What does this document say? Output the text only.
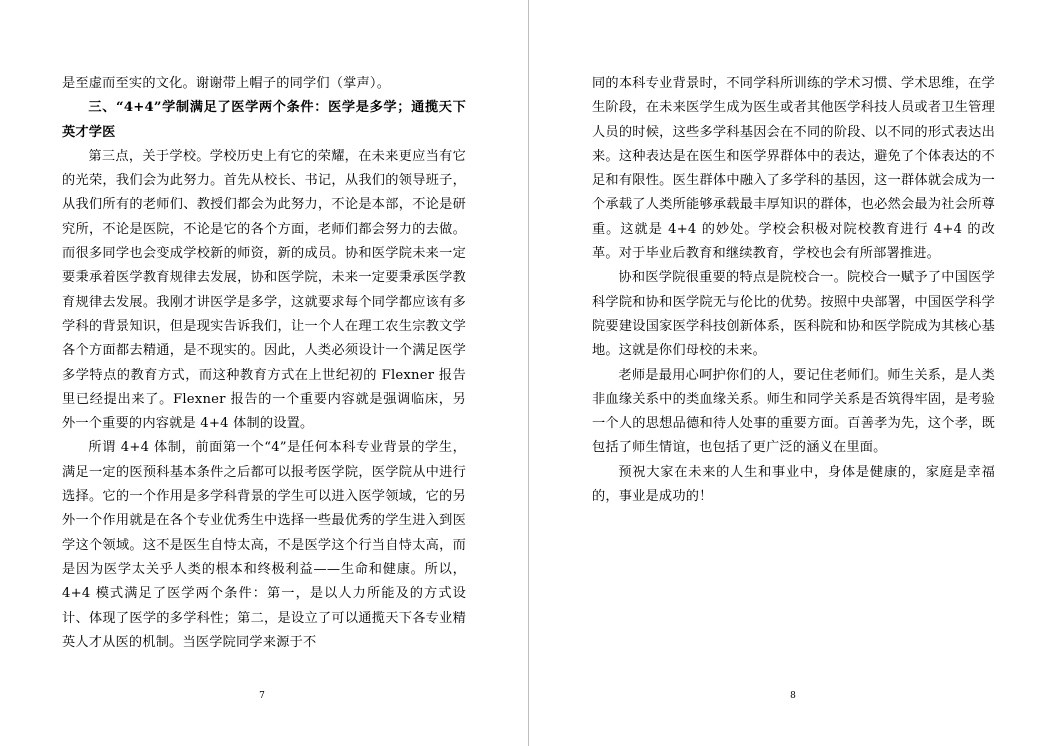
是至虚而至实的文化。谢谢带上帽子的同学们（掌声）。

三、“4+4”学制满足了医学两个条件：医学是多学；通揽天下英才学医

第三点，关于学校。学校历史上有它的荣耀，在未来更应当有它的光荣，我们会为此努力。首先从校长、书记，从我们的领导班子，从我们所有的老师们、教授们都会为此努力，不论是本部，不论是研究所，不论是医院，不论是它的各个方面，老师们都会努力的去做。而很多同学也会变成学校新的师资，新的成员。协和医学院未来一定要秉承着医学教育规律去发展，协和医学院，未来一定要秉承医学教育规律去发展。我刚才讲医学是多学，这就要求每个同学都应该有多学科的背景知识，但是现实告诉我们，让一个人在理工农生宗教文学各个方面都去精通，是不现实的。因此，人类必须设计一个满足医学多学特点的教育方式，而这种教育方式在上世纪初的 Flexner 报告里已经提出来了。Flexner 报告的一个重要内容就是强调临床，另外一个重要的内容就是 4+4 体制的设置。

所谓 4+4 体制，前面第一个“4”是任何本科专业背景的学生，满足一定的医预科基本条件之后都可以报考医学院，医学院从中进行选择。它的一个作用是多学科背景的学生可以进入医学领域，它的另外一个作用就是在各个专业优秀生中选择一些最优秀的学生进入到医学这个领域。这不是医生自恃太高，不是医学这个行当自恃太高，而是因为医学太关乎人类的根本和终极利益——生命和健康。所以，4+4 模式满足了医学两个条件：第一，是以人力所能及的方式设计、体现了医学的多学科性；第二，是设立了可以通揽天下各专业精英人才从医的机制。当医学院同学来源于不

7

同的本科专业背景时，不同学科所训练的学术习惯、学术思维，在学生阶段，在未来医学生成为医生或者其他医学科技人员或者卫生管理人员的时候，这些多学科基因会在不同的阶段、以不同的形式表达出来。这种表达是在医生和医学界群体中的表达，避免了个体表达的不足和有限性。医生群体中融入了多学科的基因，这一群体就会成为一个承载了人类所能够承载最丰厚知识的群体，也必然会最为社会所尊重。这就是 4+4 的妙处。学校会积极对院校教育进行 4+4 的改革。对于毕业后教育和继续教育，学校也会有所部署推进。

协和医学院很重要的特点是院校合一。院校合一赋予了中国医学科学院和协和医学院无与伦比的优势。按照中央部署，中国医学科学院要建设国家医学科技创新体系，医科院和协和医学院成为其核心基地。这就是你们母校的未来。

老师是最用心呵护你们的人，要记住老师们。师生关系，是人类非血缘关系中的类血缘关系。师生和同学关系是否筑得牢固，是考验一个人的思想品德和待人处事的重要方面。百善孝为先，这个孝，既包括了师生情谊，也包括了更广泛的涵义在里面。

预祝大家在未来的人生和事业中，身体是健康的，家庭是幸福的，事业是成功的！

8
